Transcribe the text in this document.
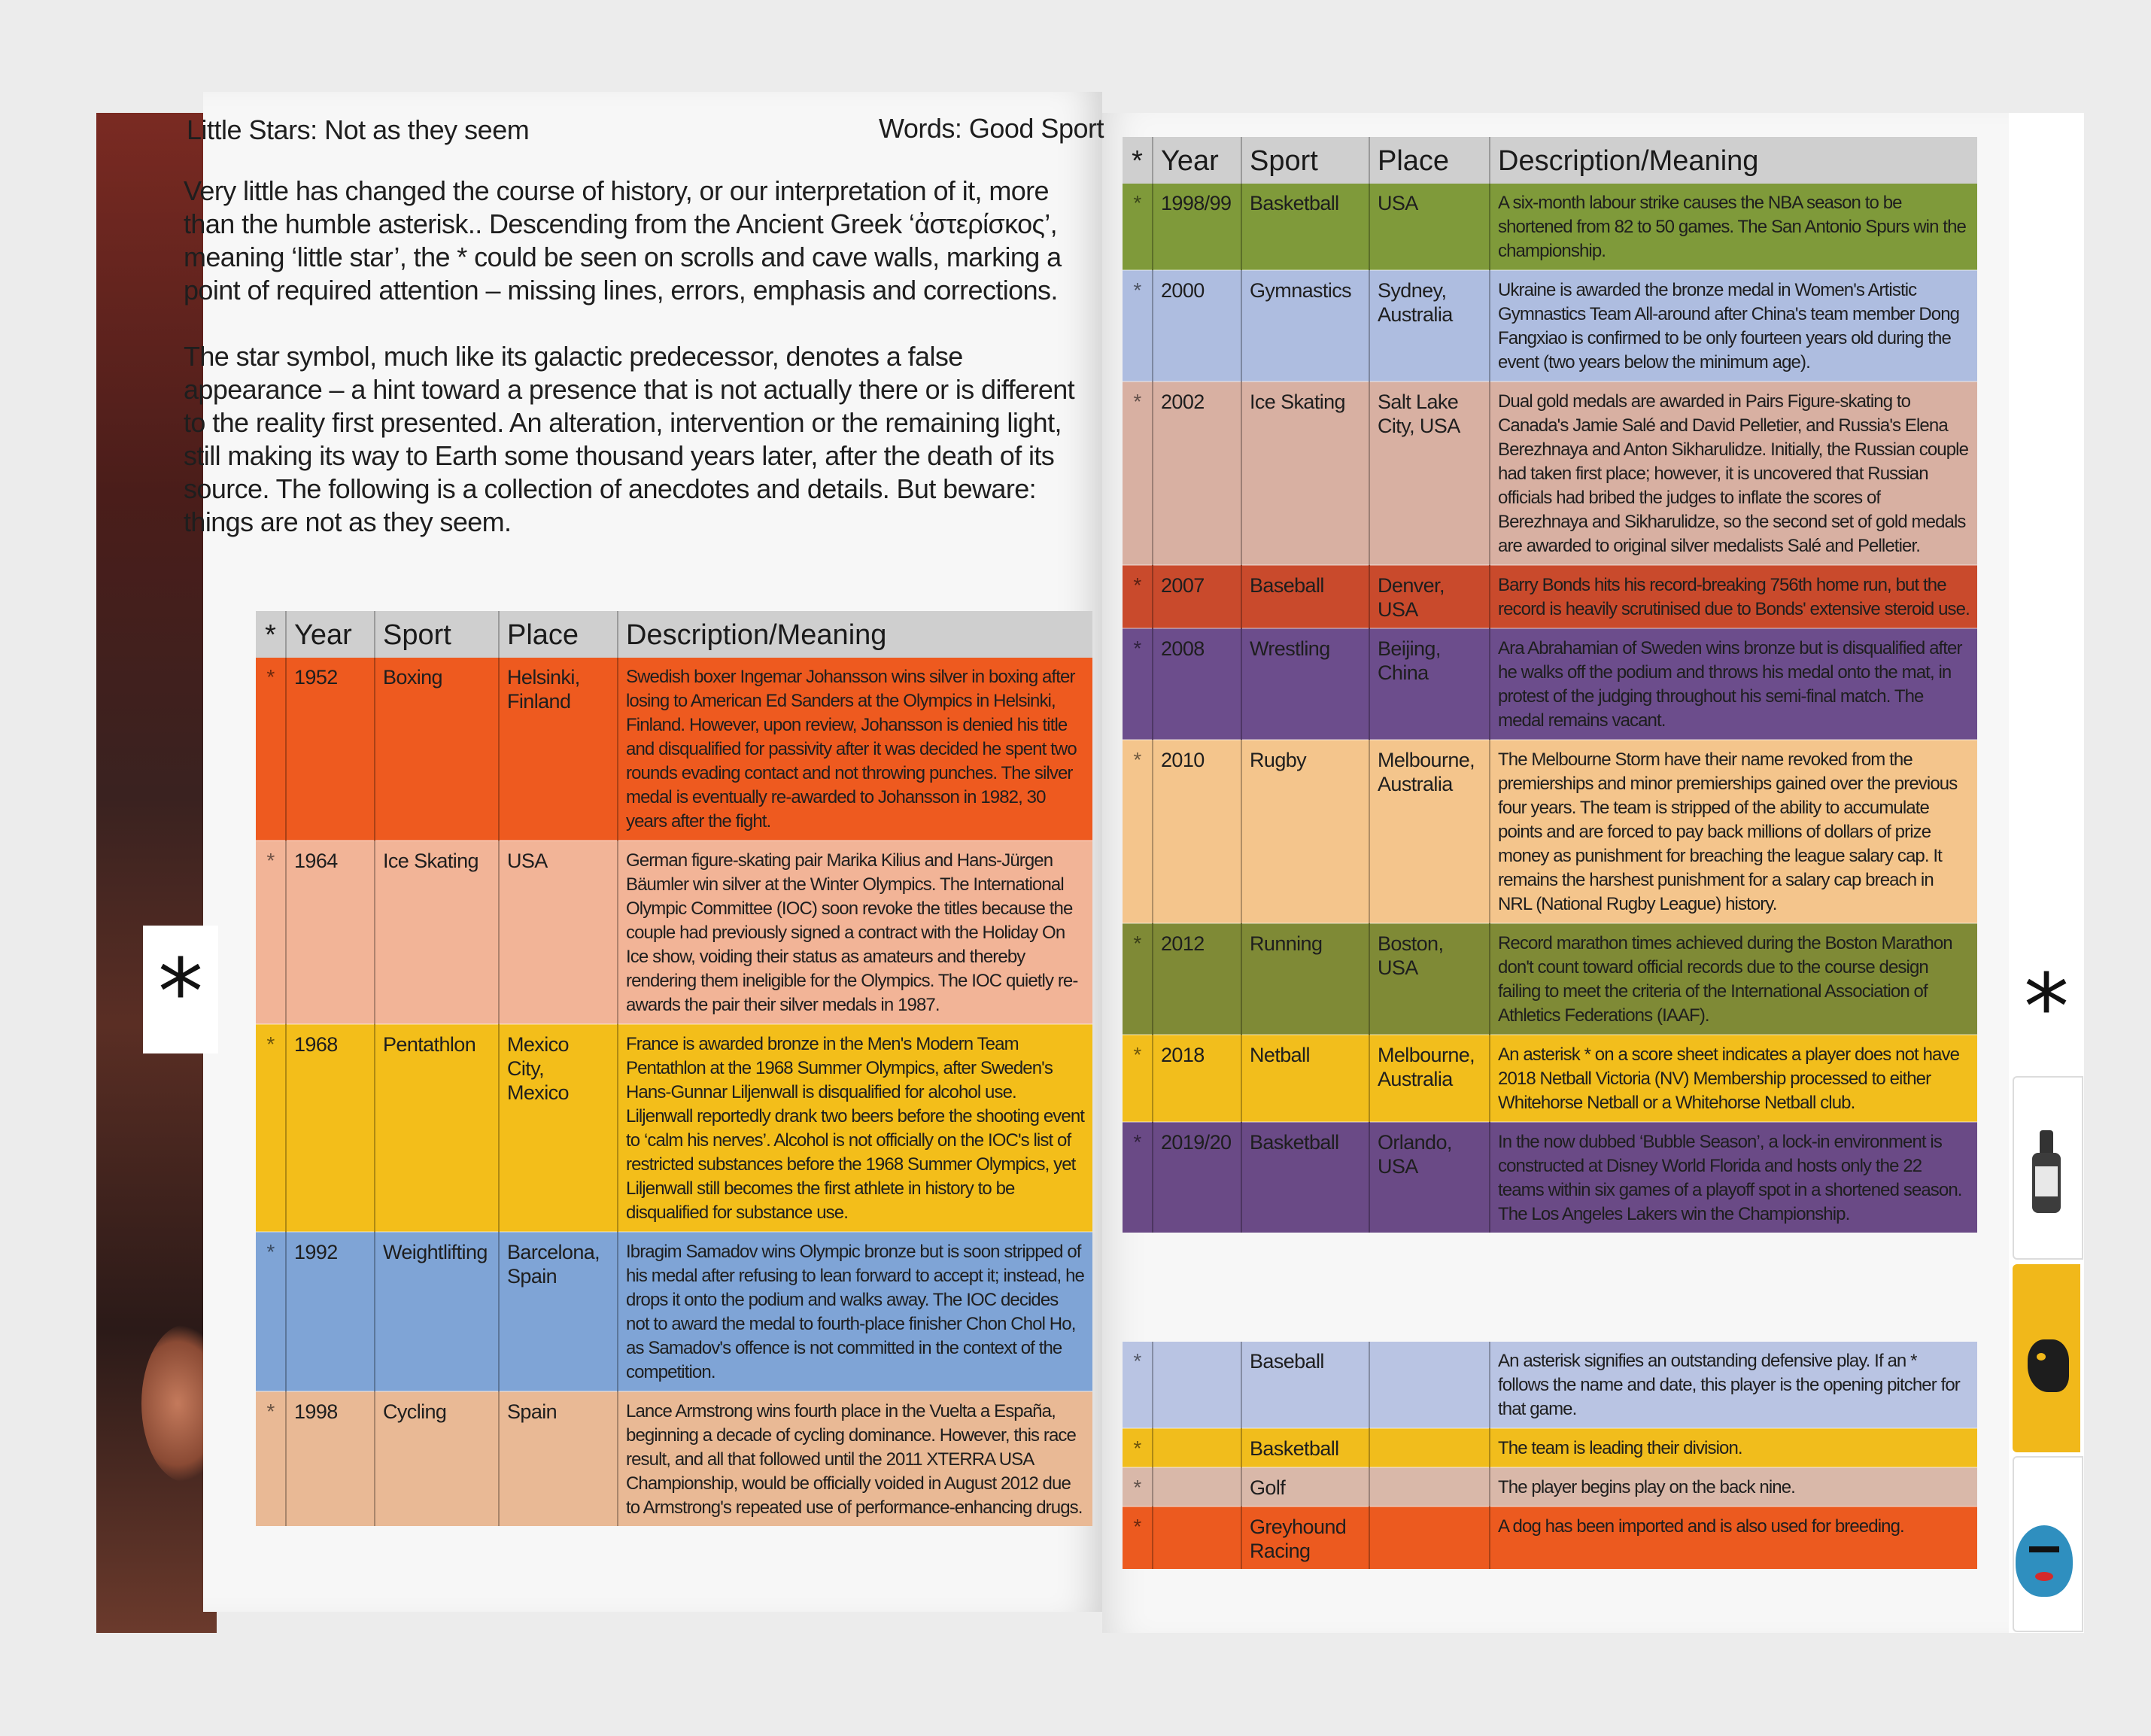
*	*
Little Stars: Not as they seem	Words: Good Sport

Very little has changed the course of history, or our interpretation of it, more than the humble asterisk.. Descending from the Ancient Greek ‘ἀστερίσκος’, meaning ‘little star’, the * could be seen on scrolls and cave walls, marking a point of required attention – missing lines, errors, emphasis and corrections.

The star symbol, much like its galactic predecessor, denotes a false appearance – a hint toward a presence that is not actually there or is different to the reality first presented. An alteration, intervention or the remaining light, still making its way to Earth some thousand years later, after the death of its source. The following is a collection of anecdotes and details. But beware: things are not as they seem.

*	Year	Sport	Place	Description/Meaning
*	1952	Boxing	Helsinki, Finland	Swedish boxer Ingemar Johansson wins silver in boxing after losing to American Ed Sanders at the Olympics in Helsinki, Finland. However, upon review, Johansson is denied his title and disqualified for passivity after it was decided he spent two rounds evading contact and not throwing punches. The silver medal is eventually re-awarded to Johansson in 1982, 30 years after the fight.
*	1964	Ice Skating	USA	German figure-skating pair Marika Kilius and Hans-Jürgen Bäumler win silver at the Winter Olympics. The International Olympic Committee (IOC) soon revoke the titles because the couple had previously signed a contract with the Holiday On Ice show, voiding their status as amateurs and thereby rendering them ineligible for the Olympics. The IOC quietly re-awards the pair their silver medals in 1987.
*	1968	Pentathlon	Mexico City, Mexico	France is awarded bronze in the Men's Modern Team Pentathlon at the 1968 Summer Olympics, after Sweden's Hans-Gunnar Liljenwall is disqualified for alcohol use. Liljenwall reportedly drank two beers before the shooting event to ‘calm his nerves’. Alcohol is not officially on the IOC's list of restricted substances before the 1968 Summer Olympics, yet Liljenwall still becomes the first athlete in history to be disqualified for substance use.
*	1992	Weightlifting	Barcelona, Spain	Ibragim Samadov wins Olympic bronze but is soon stripped of his medal after refusing to lean forward to accept it; instead, he drops it onto the podium and walks away. The IOC decides not to award the medal to fourth-place finisher Chon Chol Ho, as Samadov's offence is not committed in the context of the competition.
*	1998	Cycling	Spain	Lance Armstrong wins fourth place in the Vuelta a España, beginning a decade of cycling dominance. However, this race result, and all that followed until the 2011 XTERRA USA Championship, would be officially voided in August 2012 due to Armstrong's repeated use of performance-enhancing drugs.
*	Year	Sport	Place	Description/Meaning
*	1998/99	Basketball	USA	A six-month labour strike causes the NBA season to be shortened from 82 to 50 games. The San Antonio Spurs win the championship.
*	2000	Gymnastics	Sydney, Australia	Ukraine is awarded the bronze medal in Women's Artistic Gymnastics Team All-around after China's team member Dong Fangxiao is confirmed to be only fourteen years old during the event (two years below the minimum age).
*	2002	Ice Skating	Salt Lake City, USA	Dual gold medals are awarded in Pairs Figure-skating to Canada's Jamie Salé and David Pelletier, and Russia's Elena Berezhnaya and Anton Sikharulidze. Initially, the Russian couple had taken first place; however, it is uncovered that Russian officials had bribed the judges to inflate the scores of Berezhnaya and Sikharulidze, so the second set of gold medals are awarded to original silver medalists Salé and Pelletier.
*	2007	Baseball	Denver, USA	Barry Bonds hits his record-breaking 756th home run, but the record is heavily scrutinised due to Bonds' extensive steroid use.
*	2008	Wrestling	Beijing, China	Ara Abrahamian of Sweden wins bronze but is disqualified after he walks off the podium and throws his medal onto the mat, in protest of the judging throughout his semi-final match. The medal remains vacant.
*	2010	Rugby	Melbourne, Australia	The Melbourne Storm have their name revoked from the premierships and minor premierships gained over the previous four years. The team is stripped of the ability to accumulate points and are forced to pay back millions of dollars of prize money as punishment for breaching the league salary cap. It remains the harshest punishment for a salary cap breach in NRL (National Rugby League) history.
*	2012	Running	Boston, USA	Record marathon times achieved during the Boston Marathon don't count toward official records due to the course design failing to meet the criteria of the International Association of Athletics Federations (IAAF).
*	2018	Netball	Melbourne, Australia	An asterisk * on a score sheet indicates a player does not have 2018 Netball Victoria (NV) Membership processed to either Whitehorse Netball or a Whitehorse Netball club.
*	2019/20	Basketball	Orlando, USA	In the now dubbed ‘Bubble Season’, a lock-in environment is constructed at Disney World Florida and hosts only the 22 teams within six games of a playoff spot in a shortened season. The Los Angeles Lakers win the Championship.
*		Baseball		An asterisk signifies an outstanding defensive play. If an * follows the name and date, this player is the opening pitcher for that game.
*		Basketball		The team is leading their division.
*		Golf		The player begins play on the back nine.
*		Greyhound Racing		A dog has been imported and is also used for breeding.
